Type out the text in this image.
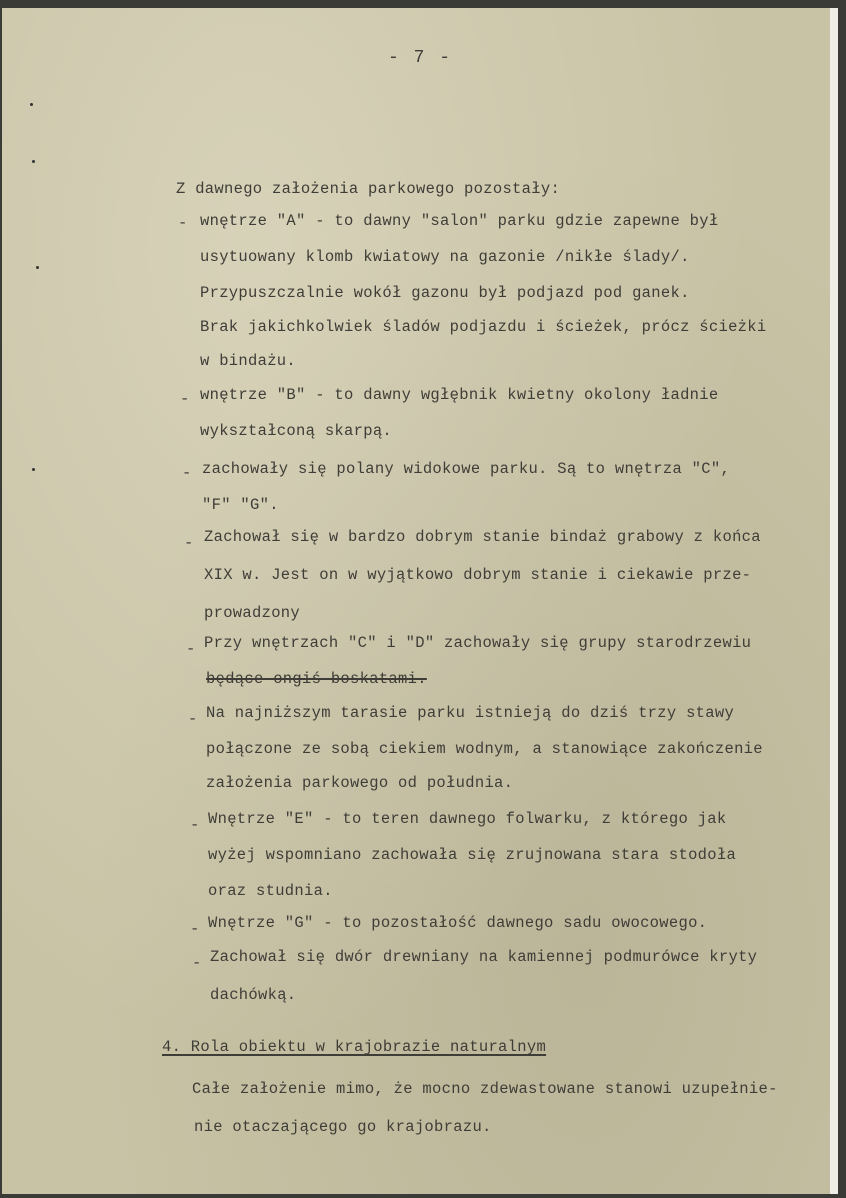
- 7 -
Z dawnego założenia parkowego pozostały:
- wnętrze "A" - to dawny "salon" parku gdzie zapewne był
usytuowany klomb kwiatowy na gazonie /nikłe ślady/.
Przypuszczalnie wokół gazonu był podjazd pod ganek.
Brak jakichkolwiek śladów podjazdu i ścieżek, prócz ścieżki
w bindażu.
- wnętrze "B" - to dawny wgłębnik kwietny okolony ładnie
wykształconą skarpą.
- zachowały się polany widokowe parku. Są to wnętrza "C",
"F" "G".
- Zachował się w bardzo dobrym stanie bindaż grabowy z końca
XIX w. Jest on w wyjątkowo dobrym stanie i ciekawie prze-
prowadzony
- Przy wnętrzach "C" i "D" zachowały się grupy starodrzewiu
będące ongiś boskatami.
- Na najniższym tarasie parku istnieją do dziś trzy stawy
połączone ze sobą ciekiem wodnym, a stanowiące zakończenie
założenia parkowego od południa.
- Wnętrze "E" - to teren dawnego folwarku, z którego jak
wyżej wspomniano zachowała się zrujnowana stara stodoła
oraz studnia.
- Wnętrze "G" - to pozostałość dawnego sadu owocowego.
- Zachował się dwór drewniany na kamiennej podmurówce kryty
dachówką.
4. Rola obiektu w krajobrazie naturalnym
Całe założenie mimo, że mocno zdewastowane stanowi uzupełnie-
nie otaczającego go krajobrazu.
